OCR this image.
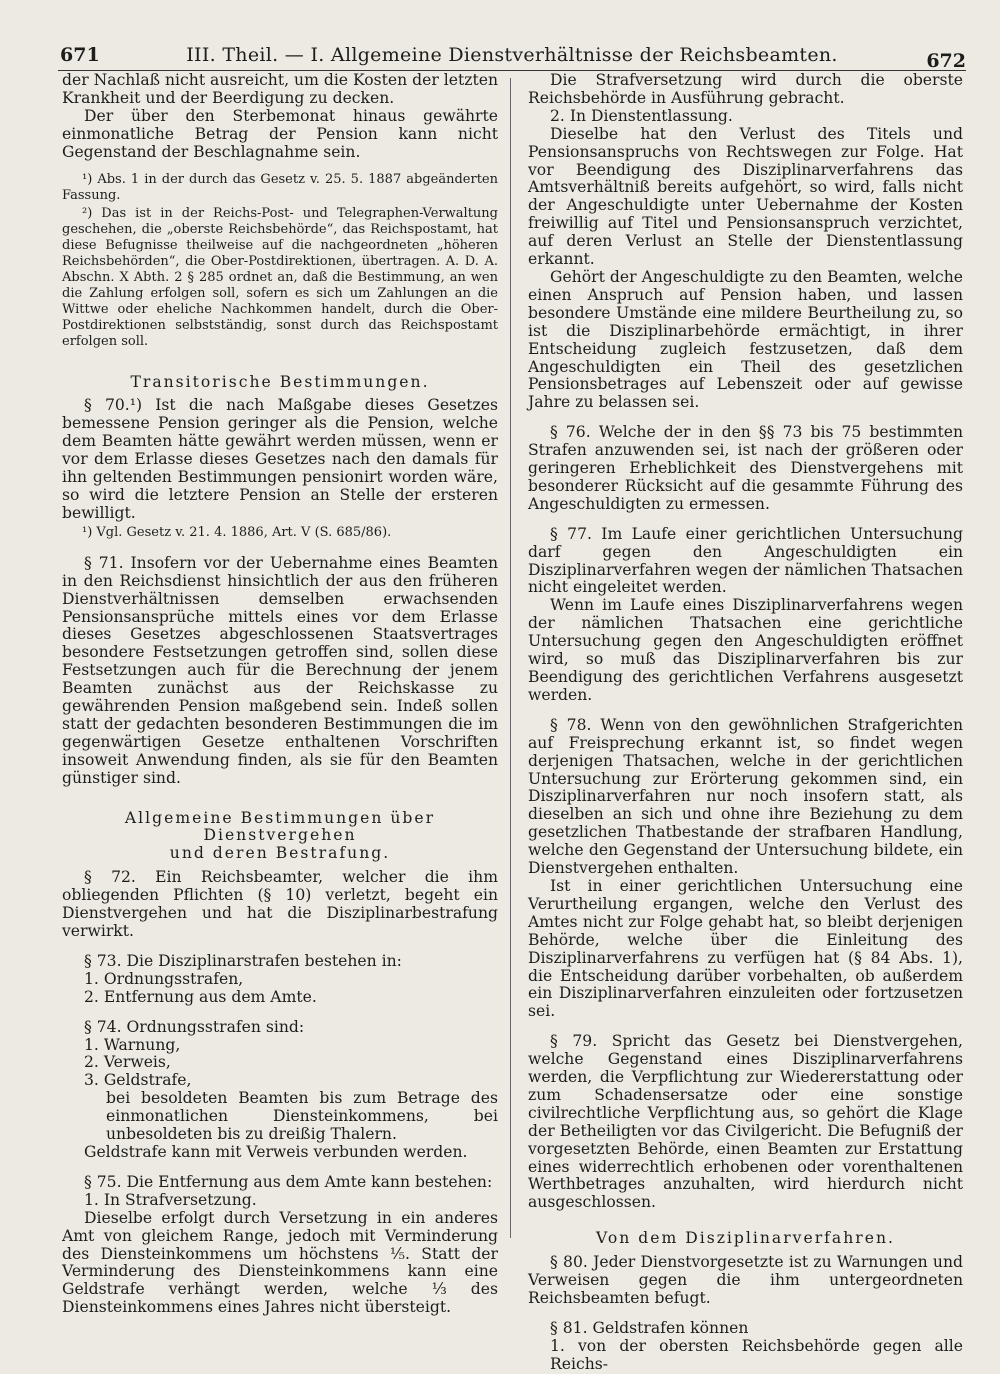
671	III. Theil. — I. Allgemeine Dienstverhältnisse der Reichsbeamten.	672

der Nachlaß nicht ausreicht, um die Kosten der letzten Krankheit und der Beerdigung zu decken.

Der über den Sterbemonat hinaus gewährte einmonatliche Betrag der Pension kann nicht Gegenstand der Beschlagnahme sein.

¹) Abs. 1 in der durch das Gesetz v. 25. 5. 1887 abgeänderten Fassung.

²) Das ist in der Reichs-Post- und Telegraphen-Verwaltung geschehen, die „oberste Reichsbehörde“, das Reichspostamt, hat diese Befugnisse theilweise auf die nachgeordneten „höheren Reichsbehörden“, die Ober-Postdirektionen, übertragen. A. D. A. Abschn. X Abth. 2 § 285 ordnet an, daß die Bestimmung, an wen die Zahlung erfolgen soll, sofern es sich um Zahlungen an die Wittwe oder eheliche Nachkommen handelt, durch die Ober-Postdirektionen selbstständig, sonst durch das Reichspostamt erfolgen soll.

Transitorische Bestimmungen.

§ 70.¹) Ist die nach Maßgabe dieses Gesetzes bemessene Pension geringer als die Pension, welche dem Beamten hätte gewährt werden müssen, wenn er vor dem Erlasse dieses Gesetzes nach den damals für ihn geltenden Bestimmungen pensionirt worden wäre, so wird die letztere Pension an Stelle der ersteren bewilligt.

¹) Vgl. Gesetz v. 21. 4. 1886, Art. V (S. 685/86).

§ 71. Insofern vor der Uebernahme eines Beamten in den Reichsdienst hinsichtlich der aus den früheren Dienstverhältnissen demselben erwachsenden Pensionsansprüche mittels eines vor dem Erlasse dieses Gesetzes abgeschlossenen Staatsvertrages besondere Festsetzungen getroffen sind, sollen diese Festsetzungen auch für die Berechnung der jenem Beamten zunächst aus der Reichskasse zu gewährenden Pension maßgebend sein. Indeß sollen statt der gedachten besonderen Bestimmungen die im gegenwärtigen Gesetze enthaltenen Vorschriften insoweit Anwendung finden, als sie für den Beamten günstiger sind.

Allgemeine Bestimmungen über Dienstvergehen
und deren Bestrafung.

§ 72. Ein Reichsbeamter, welcher die ihm obliegenden Pflichten (§ 10) verletzt, begeht ein Dienstvergehen und hat die Disziplinarbestrafung verwirkt.

§ 73. Die Disziplinarstrafen bestehen in:

1. Ordnungsstrafen,

2. Entfernung aus dem Amte.

§ 74. Ordnungsstrafen sind:

1. Warnung,

2. Verweis,

3. Geldstrafe,

bei besoldeten Beamten bis zum Betrage des einmonatlichen Diensteinkommens, bei unbesoldeten bis zu dreißig Thalern.

Geldstrafe kann mit Verweis verbunden werden.

§ 75. Die Entfernung aus dem Amte kann bestehen:

1. In Strafversetzung.

Dieselbe erfolgt durch Versetzung in ein anderes Amt von gleichem Range, jedoch mit Verminderung des Diensteinkommens um höchstens ⅕. Statt der Verminderung des Diensteinkommens kann eine Geldstrafe verhängt werden, welche ⅓ des Diensteinkommens eines Jahres nicht übersteigt.

Die Strafversetzung wird durch die oberste Reichsbehörde in Ausführung gebracht.

2. In Dienstentlassung.

Dieselbe hat den Verlust des Titels und Pensionsanspruchs von Rechtswegen zur Folge. Hat vor Beendigung des Disziplinarverfahrens das Amtsverhältniß bereits aufgehört, so wird, falls nicht der Angeschuldigte unter Uebernahme der Kosten freiwillig auf Titel und Pensionsanspruch verzichtet, auf deren Verlust an Stelle der Dienstentlassung erkannt.

Gehört der Angeschuldigte zu den Beamten, welche einen Anspruch auf Pension haben, und lassen besondere Umstände eine mildere Beurtheilung zu, so ist die Disziplinarbehörde ermächtigt, in ihrer Entscheidung zugleich festzusetzen, daß dem Angeschuldigten ein Theil des gesetzlichen Pensionsbetrages auf Lebenszeit oder auf gewisse Jahre zu belassen sei.

§ 76. Welche der in den §§ 73 bis 75 bestimmten Strafen anzuwenden sei, ist nach der größeren oder geringeren Erheblichkeit des Dienstvergehens mit besonderer Rücksicht auf die gesammte Führung des Angeschuldigten zu ermessen.

§ 77. Im Laufe einer gerichtlichen Untersuchung darf gegen den Angeschuldigten ein Disziplinarverfahren wegen der nämlichen Thatsachen nicht eingeleitet werden.

Wenn im Laufe eines Disziplinarverfahrens wegen der nämlichen Thatsachen eine gerichtliche Untersuchung gegen den Angeschuldigten eröffnet wird, so muß das Disziplinarverfahren bis zur Beendigung des gerichtlichen Verfahrens ausgesetzt werden.

§ 78. Wenn von den gewöhnlichen Strafgerichten auf Freisprechung erkannt ist, so findet wegen derjenigen Thatsachen, welche in der gerichtlichen Untersuchung zur Erörterung gekommen sind, ein Disziplinarverfahren nur noch insofern statt, als dieselben an sich und ohne ihre Beziehung zu dem gesetzlichen Thatbestande der strafbaren Handlung, welche den Gegenstand der Untersuchung bildete, ein Dienstvergehen enthalten.

Ist in einer gerichtlichen Untersuchung eine Verurtheilung ergangen, welche den Verlust des Amtes nicht zur Folge gehabt hat, so bleibt derjenigen Behörde, welche über die Einleitung des Disziplinarverfahrens zu verfügen hat (§ 84 Abs. 1), die Entscheidung darüber vorbehalten, ob außerdem ein Disziplinarverfahren einzuleiten oder fortzusetzen sei.

§ 79. Spricht das Gesetz bei Dienstvergehen, welche Gegenstand eines Disziplinarverfahrens werden, die Verpflichtung zur Wiedererstattung oder zum Schadensersatze oder eine sonstige civilrechtliche Verpflichtung aus, so gehört die Klage der Betheiligten vor das Civilgericht. Die Befugniß der vorgesetzten Behörde, einen Beamten zur Erstattung eines widerrechtlich erhobenen oder vorenthaltenen Werthbetrages anzuhalten, wird hierdurch nicht ausgeschlossen.

Von dem Disziplinarverfahren.

§ 80. Jeder Dienstvorgesetzte ist zu Warnungen und Verweisen gegen die ihm untergeordneten Reichsbeamten befugt.

§ 81. Geldstrafen können

1. von der obersten Reichsbehörde gegen alle Reichs-
